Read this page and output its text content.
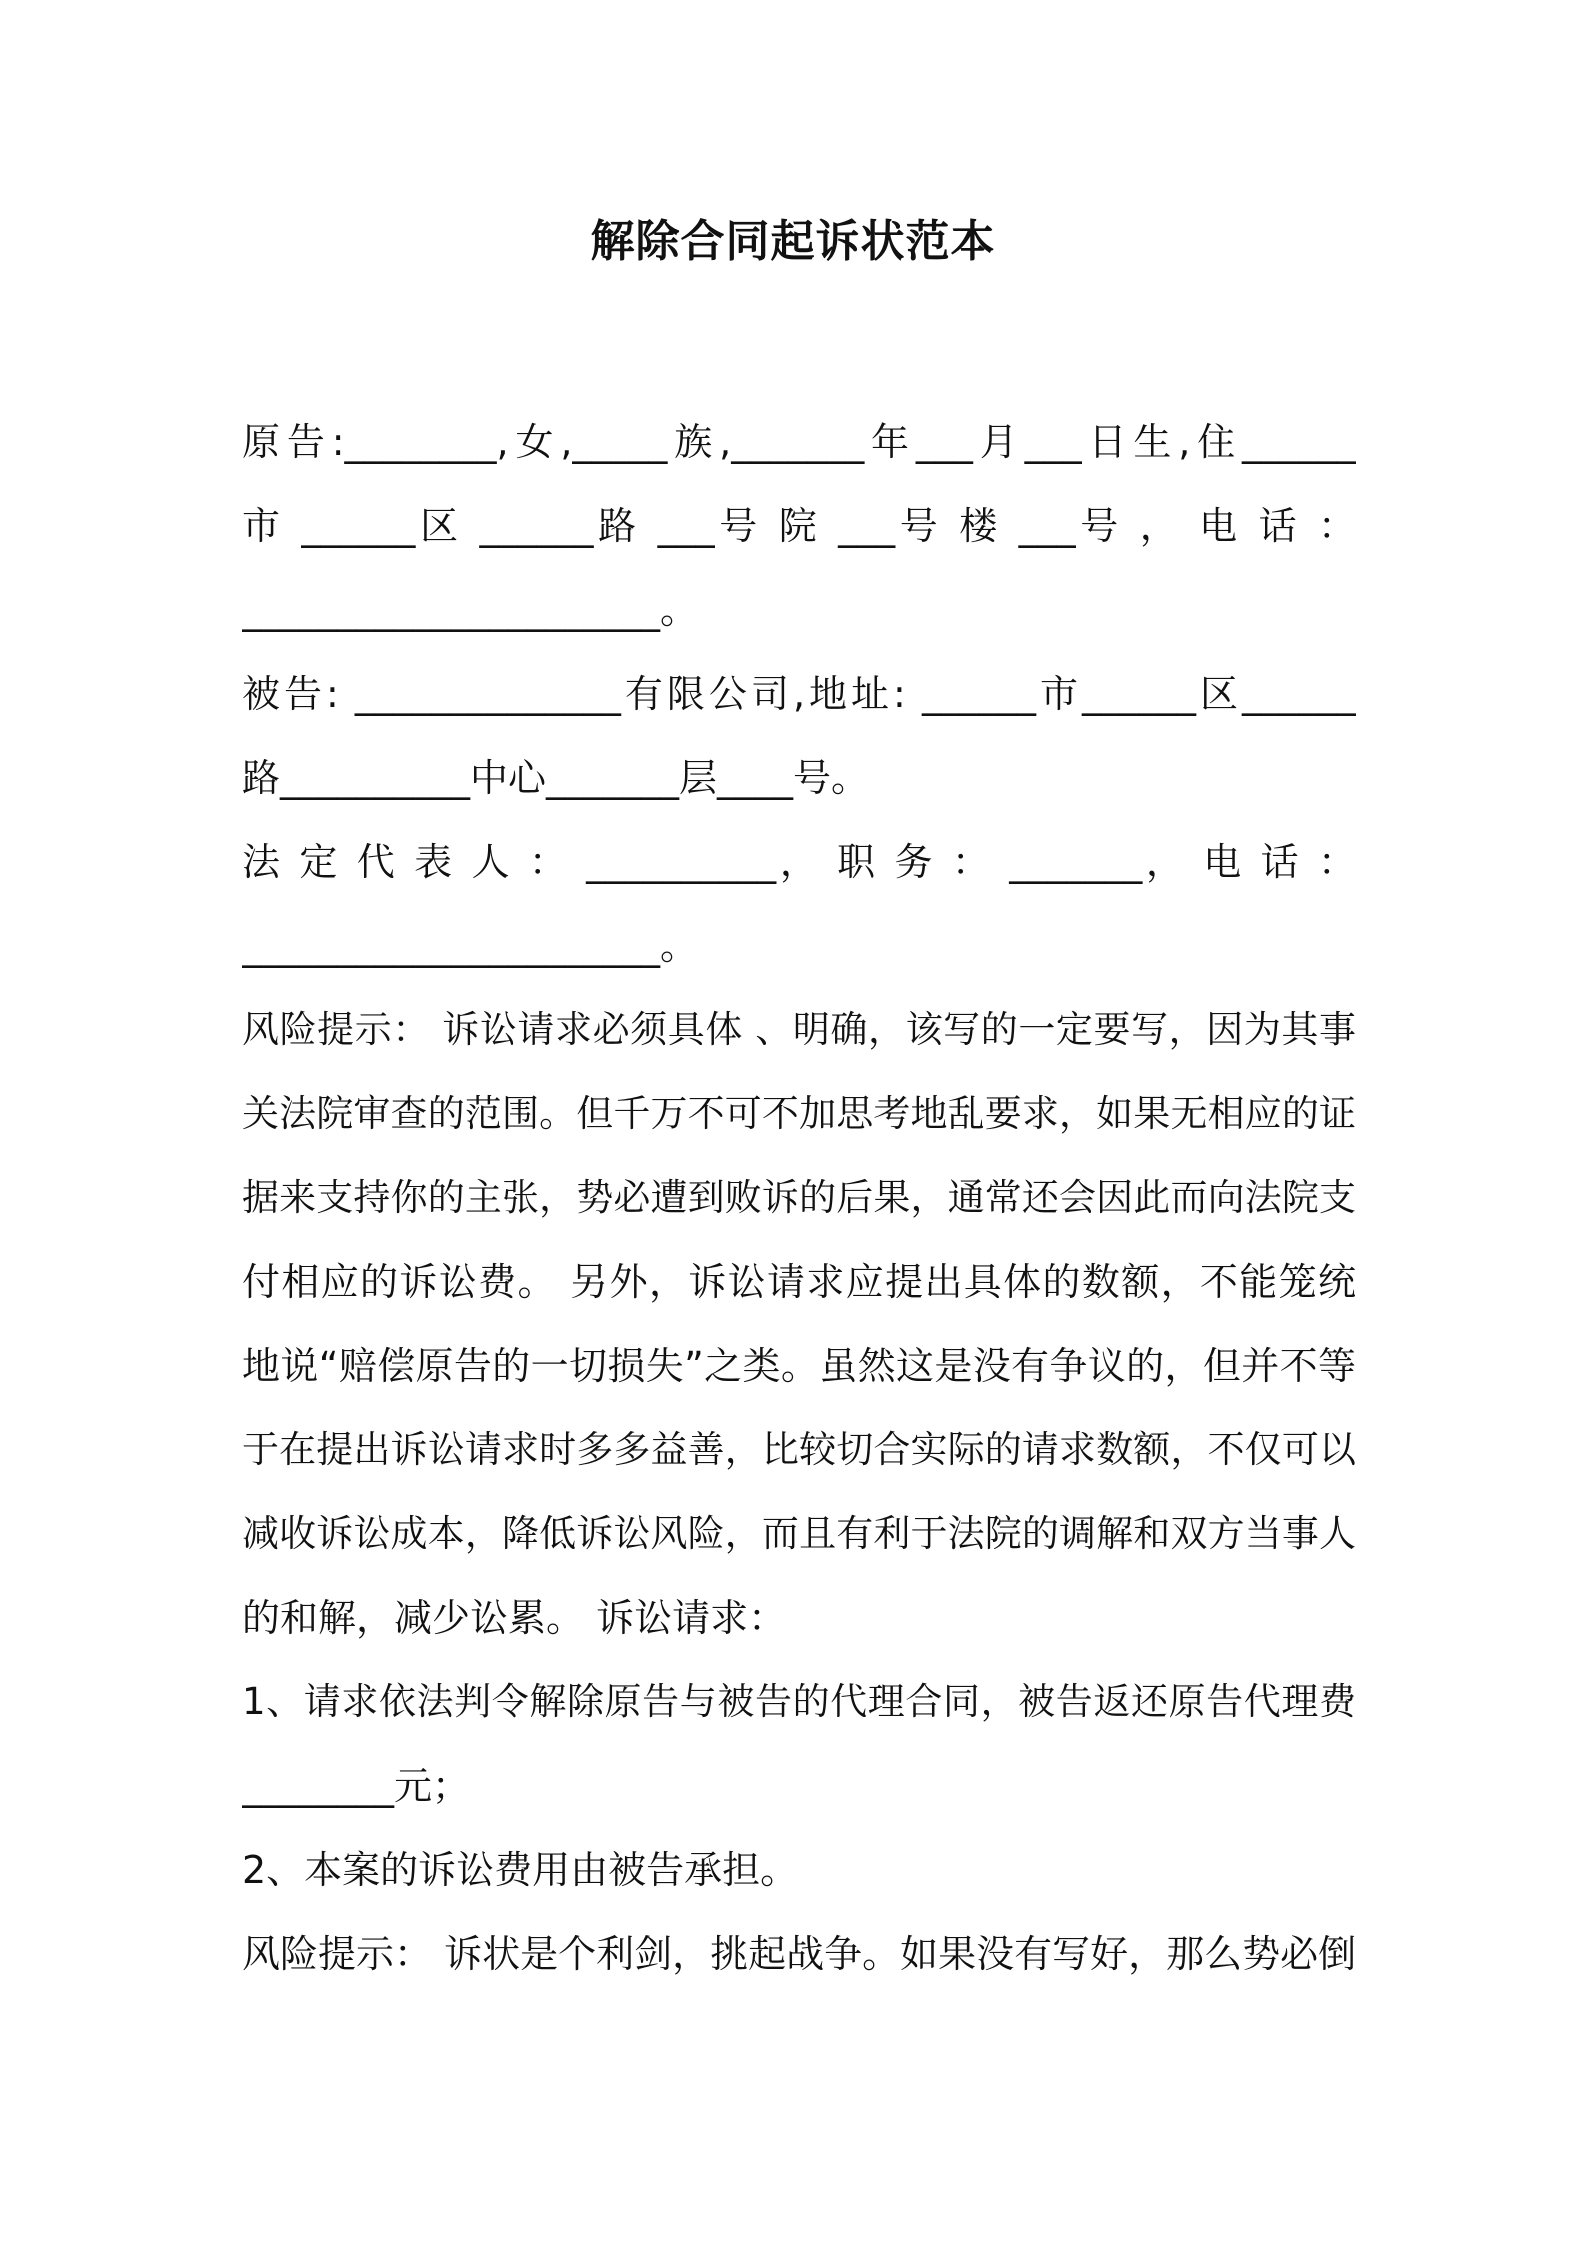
解除合同起诉状范本
原告:________,女,_____族,_______年___月___日生,住______
市 ______区 ______路 ___号 院 ___号 楼 ___号 ， 电 话 ：
______________________。
被告: ______________有限公司,地址: ______市______区______
路__________中心_______层____号。
法 定 代 表 人 ： __________， 职 务 ： _______， 电 话 ：
______________________。
风险提示： 诉讼请求必须具体 、明确，该写的一定要写，因为其事
关法院审查的范围。但千万不可不加思考地乱要求，如果无相应的证
据来支持你的主张，势必遭到败诉的后果，通常还会因此而向法院支
付相应的诉讼费。 另外，诉讼请求应提出具体的数额，不能笼统
地说“赔偿原告的一切损失”之类。虽然这是没有争议的，但并不等
于在提出诉讼请求时多多益善，比较切合实际的请求数额，不仅可以
减收诉讼成本，降低诉讼风险，而且有利于法院的调解和双方当事人
的和解，减少讼累。 诉讼请求：
1、请求依法判令解除原告与被告的代理合同，被告返还原告代理费
________元；
2、本案的诉讼费用由被告承担。
风险提示： 诉状是个利剑，挑起战争。如果没有写好，那么势必倒
